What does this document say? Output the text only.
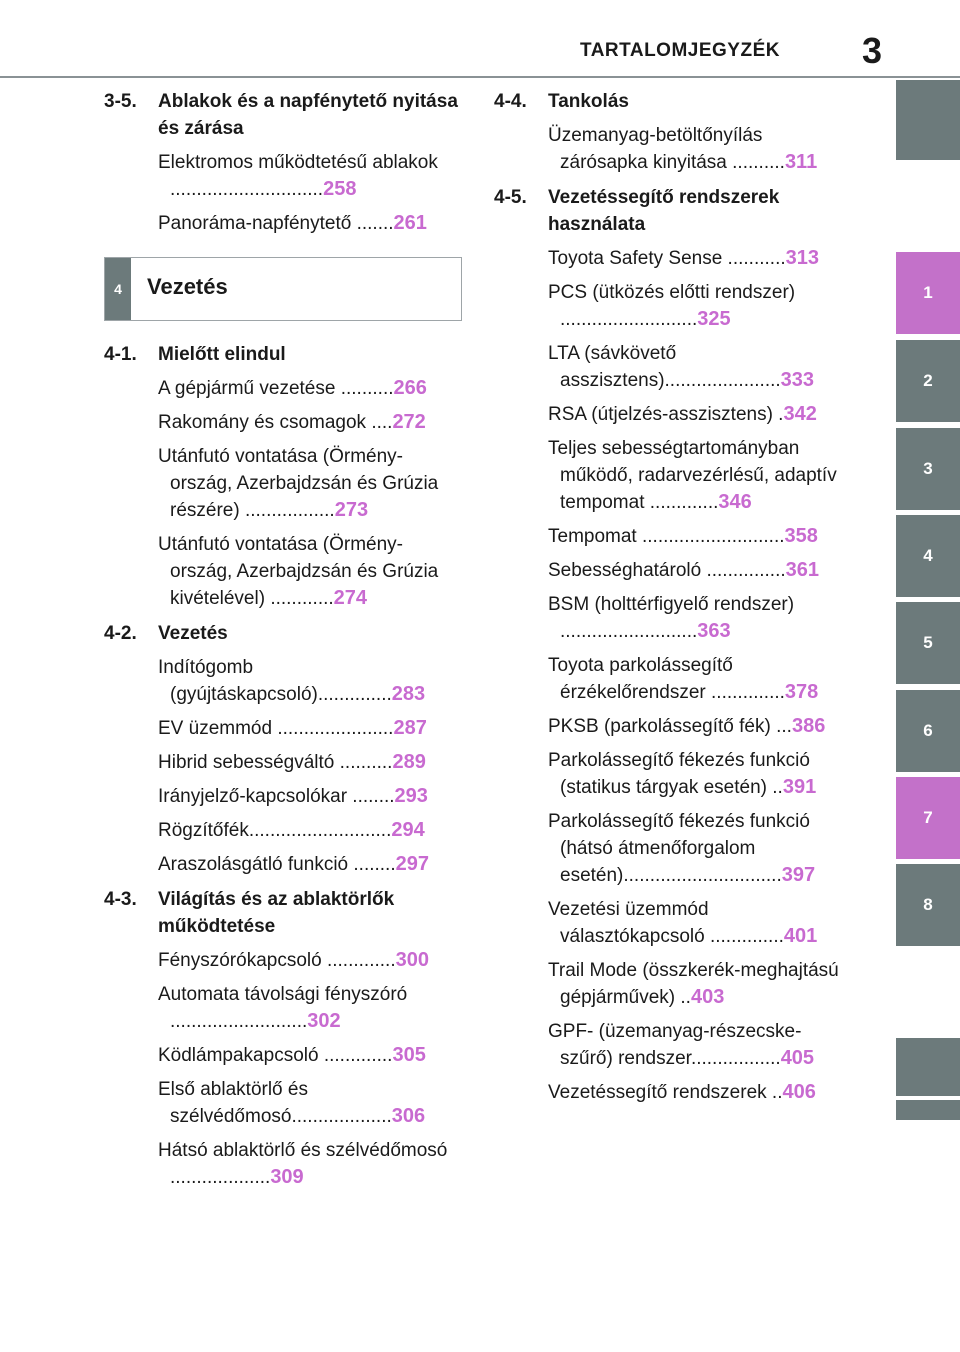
TARTALOMJEGYZÉK	3
1
2
3
4
5
6
7
8
3-5. Ablakok és a napfénytető nyitása és zárása
Elektromos működtetésű ablakok .............................258
Panoráma-napfénytető .......261
4	Vezetés
4-1. Mielőtt elindul
A gépjármű vezetése ..........266
Rakomány és csomagok ....272
Utánfutó vontatása (Örmény-ország, Azerbajdzsán és Grúzia részére) .................273
Utánfutó vontatása (Örmény-ország, Azerbajdzsán és Grúzia kivételével) ............274
4-2. Vezetés
Indítógomb (gyújtáskapcsoló)..............283
EV üzemmód ......................287
Hibrid sebességváltó ..........289
Irányjelző-kapcsolókar ........293
Rögzítőfék...........................294
Araszolásgátló funkció ........297
4-3. Világítás és az ablaktörlők működtetése
Fényszórókapcsoló .............300
Automata távolsági fényszóró ..........................302
Ködlámpakapcsoló .............305
Első ablaktörlő és szélvédőmosó...................306
Hátsó ablaktörlő és szélvédőmosó ...................309
4-4. Tankolás
Üzemanyag-betöltőnyílás zárósapka kinyitása ..........311
4-5. Vezetéssegítő rendszerek használata
Toyota Safety Sense ...........313
PCS (ütközés előtti rendszer) ..........................325
LTA (sávkövető asszisztens)......................333
RSA (útjelzés-asszisztens) .342
Teljes sebességtartományban működő, radarvezérlésű, adaptív tempomat .............346
Tempomat ...........................358
Sebességhatároló ...............361
BSM (holttérfigyelő rendszer) ..........................363
Toyota parkolássegítő érzékelőrendszer ..............378
PKSB (parkolássegítő fék) ...386
Parkolássegítő fékezés funkció (statikus tárgyak esetén) ..391
Parkolássegítő fékezés funkció (hátsó átmenőforgalom esetén)..............................397
Vezetési üzemmód választókapcsoló ..............401
Trail Mode (összkerék-meghajtású gépjárművek) ..403
GPF- (üzemanyag-részecske-szűrő) rendszer.................405
Vezetéssegítő rendszerek ..406
